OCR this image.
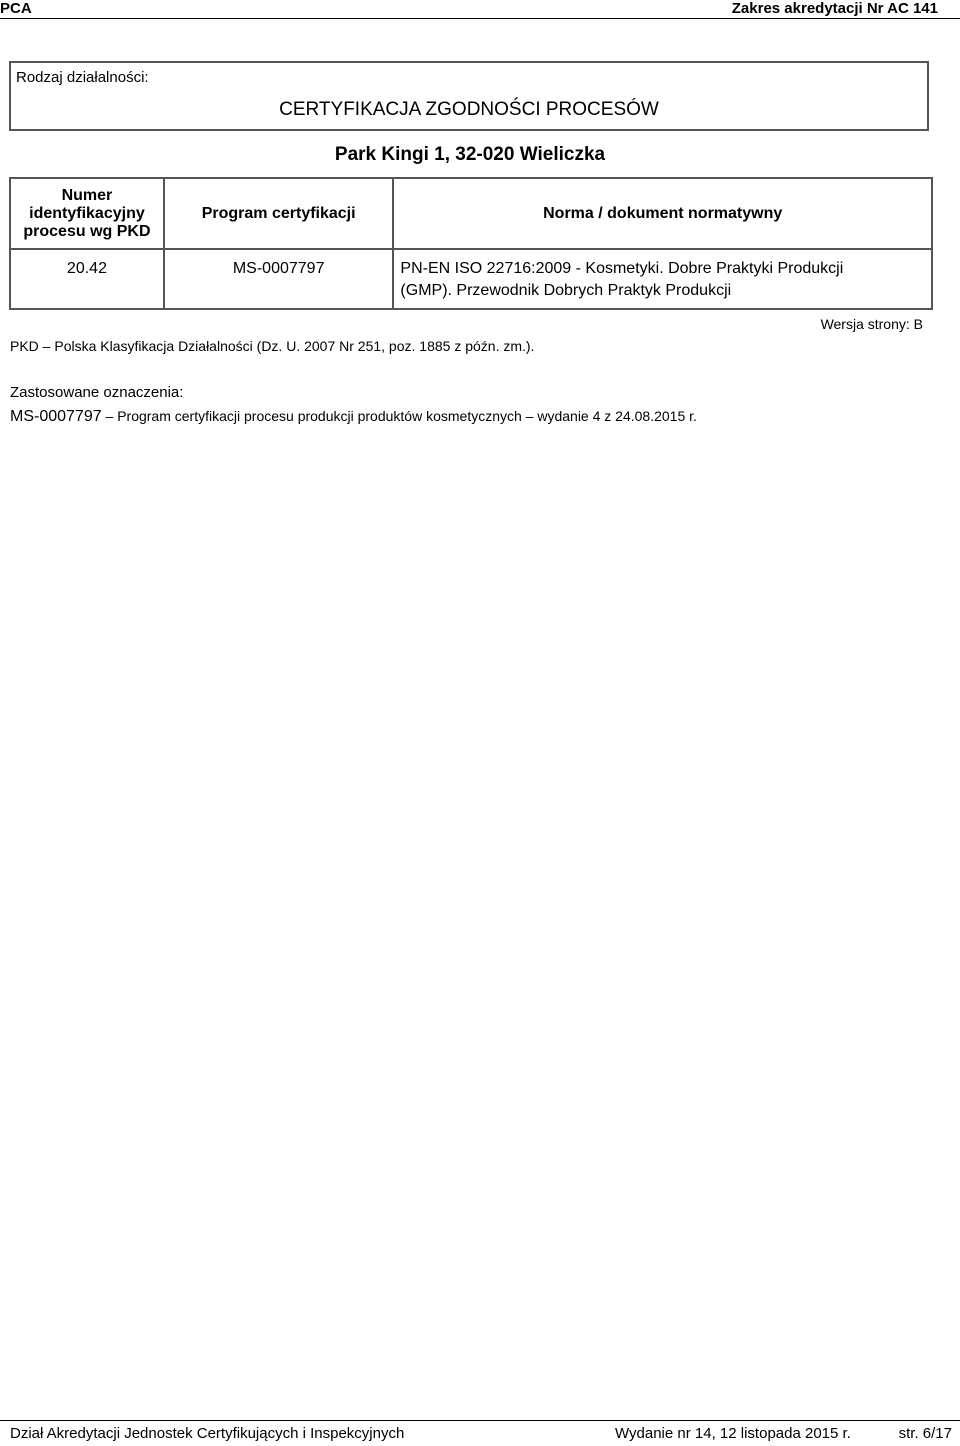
PCA	Zakres akredytacji Nr AC 141
Rodzaj działalności:
CERTYFIKACJA ZGODNOŚCI PROCESÓW
Park Kingi 1, 32-020 Wieliczka
Numer identyfikacyjny procesu wg PKD	Program certyfikacji	Norma / dokument normatywny
20.42	MS-0007797	PN-EN ISO 22716:2009 - Kosmetyki. Dobre Praktyki Produkcji
(GMP). Przewodnik Dobrych Praktyk Produkcji
Wersja strony: B
PKD – Polska Klasyfikacja Działalności (Dz. U. 2007 Nr 251, poz. 1885 z późn. zm.).
Zastosowane oznaczenia:
MS-0007797 – Program certyfikacji procesu produkcji produktów kosmetycznych – wydanie 4 z 24.08.2015 r.
Dział Akredytacji Jednostek Certyfikujących i Inspekcyjnych	Wydanie nr 14, 12 listopada 2015 r.	str. 6/17
